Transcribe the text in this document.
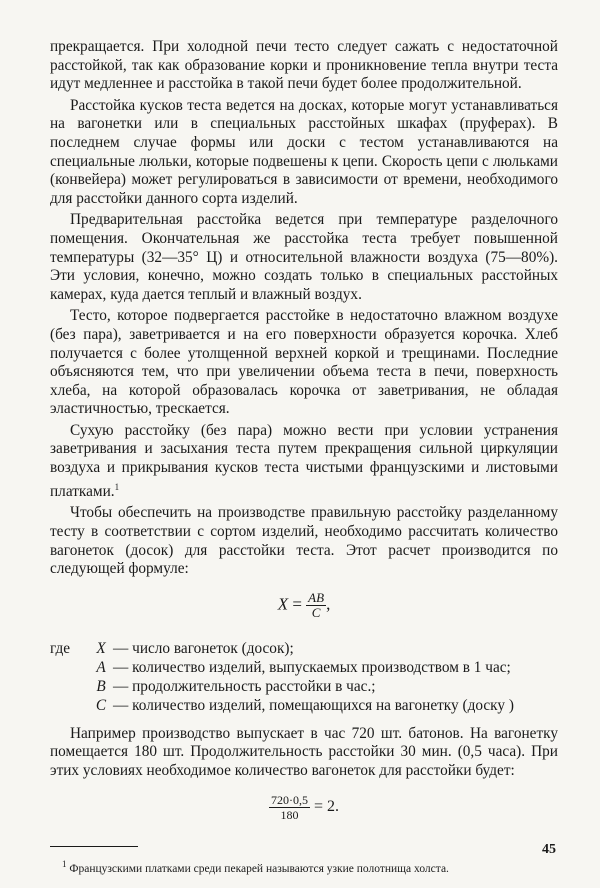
прекращается. При холодной печи тесто следует сажать с недостаточной расстойкой, так как образование корки и проникновение тепла внутри теста идут медленнее и расстойка в такой печи будет более продолжительной.

Расстойка кусков теста ведется на досках, которые могут устанавливаться на вагонетки или в специальных расстойных шкафах (пруферах). В последнем случае формы или доски с тестом устанавливаются на специальные люльки, которые подвешены к цепи. Скорость цепи с люльками (конвейера) может регулироваться в зависимости от времени, необходимого для расстойки данного сорта изделий.

Предварительная расстойка ведется при температуре разделочного помещения. Окончательная же расстойка теста требует повышенной температуры (32—35° Ц) и относительной влажности воздуха (75—80%). Эти условия, конечно, можно создать только в специальных расстойных камерах, куда дается теплый и влажный воздух.

Тесто, которое подвергается расстойке в недостаточно влажном воздухе (без пара), заветривается и на его поверхности образуется корочка. Хлеб получается с более утолщенной верхней коркой и трещинами. Последние объясняются тем, что при увеличении объема теста в печи, поверхность хлеба, на которой образовалась корочка от заветривания, не обладая эластичностью, трескается.

Сухую расстойку (без пара) можно вести при условии устранения заветривания и засыхания теста путем прекращения сильной циркуляции воздуха и прикрывания кусков теста чистыми французскими и листовыми платками.$^1$

Чтобы обеспечить на производстве правильную расстойку разделанному тесту в соответствии с сортом изделий, необходимо рассчитать количество вагонеток (досок) для расстойки теста. Этот расчет производится по следующей формуле:

$X = \frac{AB}{C}$ ,
где	X — число вагонеток (досок);
A — количество изделий, выпускаемых производством в 1 час;
B — продолжительность расстойки в час.;
C — количество изделий, помещающихся на вагонетку (доску )

Например производство выпускает в час 720 шт. батонов. На вагонетку помещается 180 шт. Продолжительность расстойки 30 мин. (0,5 часа). При этих условиях необходимое количество вагонеток для расстойки будет:

$\frac{720\cdot 0,5}{180} = 2$.

$^1$ Французскими платками среди пекарей называются узкие полотнища холста.

45
